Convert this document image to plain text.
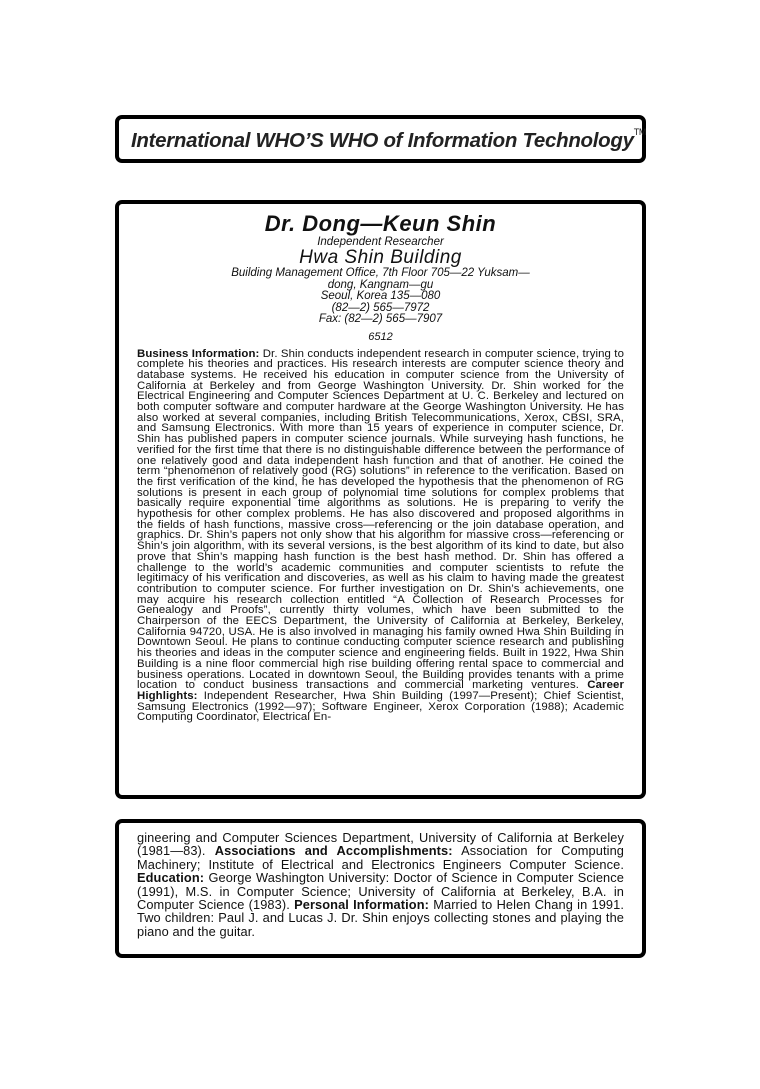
International WHO’S WHO of Information Technology™
Dr. Dong—Keun Shin
Independent Researcher
Hwa Shin Building
Building Management Office, 7th Floor 705—22 Yuksam—
dong, Kangnam—gu
Seoul, Korea 135—080
(82—2) 565—7972
Fax: (82—2) 565—7907
6512
Business Information: Dr. Shin conducts independent research in computer science, trying to complete his theories and practices. His research interests are computer science theory and database systems. He received his education in computer science from the University of California at Berkeley and from George Washington University. Dr. Shin worked for the Electrical Engineering and Computer Sciences Department at U. C. Berkeley and lectured on both computer software and computer hardware at the George Washington University. He has also worked at several companies, including British Telecommunications, Xerox, CBSI, SRA, and Samsung Electronics. With more than 15 years of experience in computer science, Dr. Shin has published papers in computer science journals. While surveying hash functions, he verified for the first time that there is no distinguishable difference between the performance of one relatively good and data independent hash function and that of another. He coined the term “phenomenon of relatively good (RG) solutions” in reference to the verification. Based on the first verification of the kind, he has developed the hypothesis that the phenomenon of RG solutions is present in each group of polynomial time solutions for complex problems that basically require exponential time algorithms as solutions. He is preparing to verify the hypothesis for other complex problems. He has also discovered and proposed algorithms in the fields of hash functions, massive cross—referencing or the join database operation, and graphics. Dr. Shin’s papers not only show that his algorithm for massive cross—referencing or Shin’s join algorithm, with its several versions, is the best algorithm of its kind to date, but also prove that Shin’s mapping hash function is the best hash method. Dr. Shin has offered a challenge to the world’s academic communities and computer scientists to refute the legitimacy of his verification and discoveries, as well as his claim to having made the greatest contribution to computer science. For further investigation on Dr. Shin’s achievements, one may acquire his research collection entitled “A Collection of Research Processes for Genealogy and Proofs”, currently thirty volumes, which have been submitted to the Chairperson of the EECS Department, the University of California at Berkeley, Berkeley, California 94720, USA. He is also involved in managing his family owned Hwa Shin Building in Downtown Seoul. He plans to continue conducting computer science research and publishing his theories and ideas in the computer science and engineering fields. Built in 1922, Hwa Shin Building is a nine floor commercial high rise building offering rental space to commercial and business operations. Located in downtown Seoul, the Building provides tenants with a prime location to conduct business transactions and commercial marketing ventures. Career Highlights: Independent Researcher, Hwa Shin Building (1997—Present); Chief Scientist, Samsung Electronics (1992—97); Software Engineer, Xerox Corporation (1988); Academic Computing Coordinator, Electrical En-
gineering and Computer Sciences Department, University of California at Berkeley (1981—83). Associations and Accomplishments: Association for Computing Machinery; Institute of Electrical and Electronics Engineers Computer Science. Education: George Washington University: Doctor of Science in Computer Science (1991), M.S. in Computer Science; University of California at Berkeley, B.A. in Computer Science (1983). Personal Information: Married to Helen Chang in 1991. Two children: Paul J. and Lucas J. Dr. Shin enjoys collecting stones and playing the piano and the guitar.
